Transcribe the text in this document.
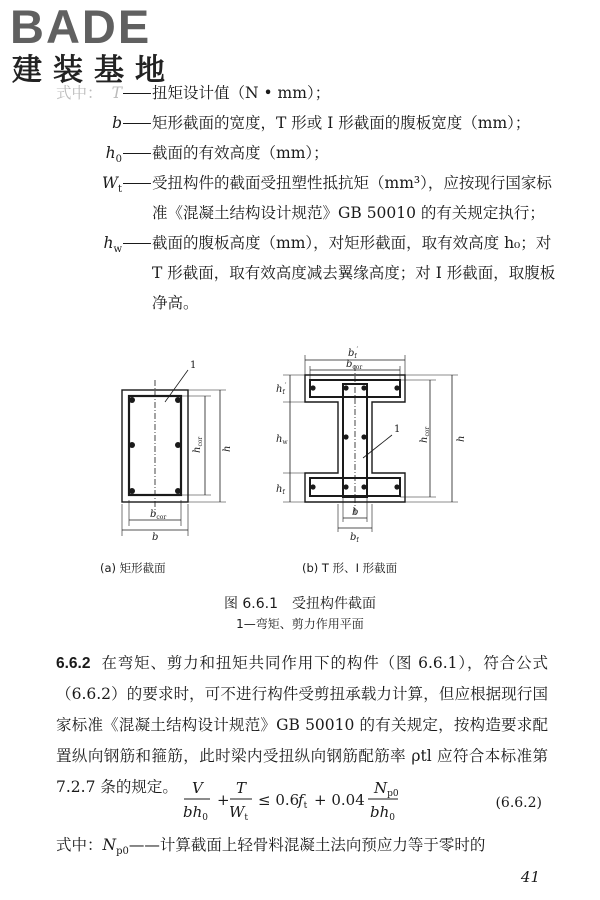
BADE
建装基地
式中： T 扭矩设计值（N • mm）；
b 矩形截面的宽度，T 形或 I 形截面的腹板宽度（mm）；
$h_0$ 截面的有效高度（mm）；
$W_t$ 受扭构件的截面受扭塑性抵抗矩（mm³），应按现行国家标准《混凝土结构设计规范》GB 50010 的有关规定执行；
$h_w$ 截面的腹板高度（mm），对矩形截面，取有效高度 h₀；对 T 形截面，取有效高度减去翼缘高度；对 I 形截面，取腹板净高。
1
$b_{cor}$
b
$h_{cor}$
h
$b_f'$
$b_{cor}$
1
b
$b_f$
$h_f'$
$h_w$
$h_f$
$h_{cor}$
h
(a) 矩形截面	(b) T 形、I 形截面
图 6.6.1　受扭构件截面
1—弯矩、剪力作用平面
6.6.2 在弯矩、剪力和扭矩共同作用下的构件（图 6.6.1），符合公式（6.6.2）的要求时，可不进行构件受剪扭承载力计算，但应根据现行国家标准《混凝土结构设计规范》GB 50010 的有关规定，按构造要求配置纵向钢筋和箍筋，此时梁内受扭纵向钢筋配筋率 ρtl 应符合本标准第 7.2.7 条的规定。 V
$bh_0$
+
T
$W_t$
≤ 0.6
$f_t + 0.04$
$N_{p0}$
$bh_0$
(6.6.2)
式中：$N_{p0}——$计算截面上轻骨料混凝土法向预应力等于零时的
41
